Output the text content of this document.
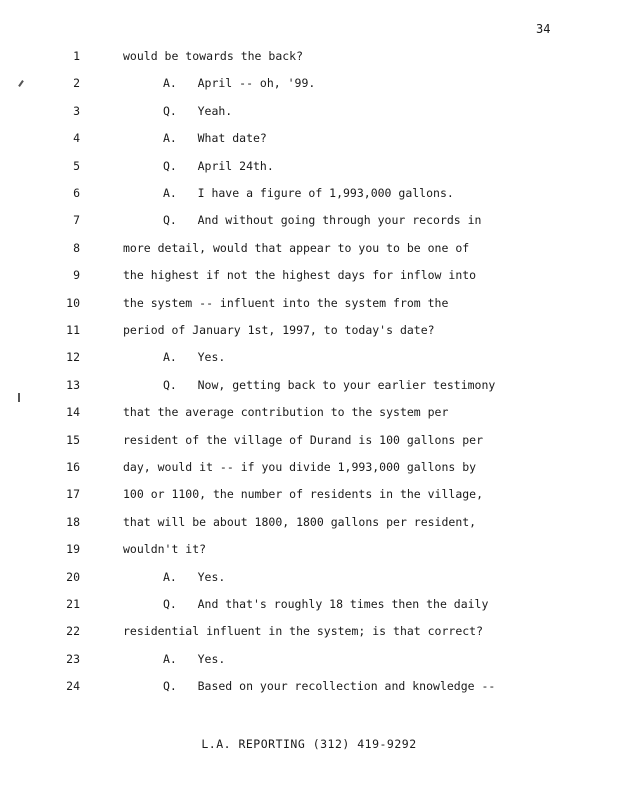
34
1	would be towards the back?
2	A.   April -- oh, '99.
3	Q.   Yeah.
4	A.   What date?
5	Q.   April 24th.
6	A.   I have a figure of 1,993,000 gallons.
7	Q.   And without going through your records in
8	more detail, would that appear to you to be one of
9	the highest if not the highest days for inflow into
10	the system -- influent into the system from the
11	period of January 1st, 1997, to today's date?
12	A.   Yes.
13	Q.   Now, getting back to your earlier testimony
14	that the average contribution to the system per
15	resident of the village of Durand is 100 gallons per
16	day, would it -- if you divide 1,993,000 gallons by
17	100 or 1100, the number of residents in the village,
18	that will be about 1800, 1800 gallons per resident,
19	wouldn't it?
20	A.   Yes.
21	Q.   And that's roughly 18 times then the daily
22	residential influent in the system; is that correct?
23	A.   Yes.
24	Q.   Based on your recollection and knowledge --
L.A. REPORTING (312) 419-9292
